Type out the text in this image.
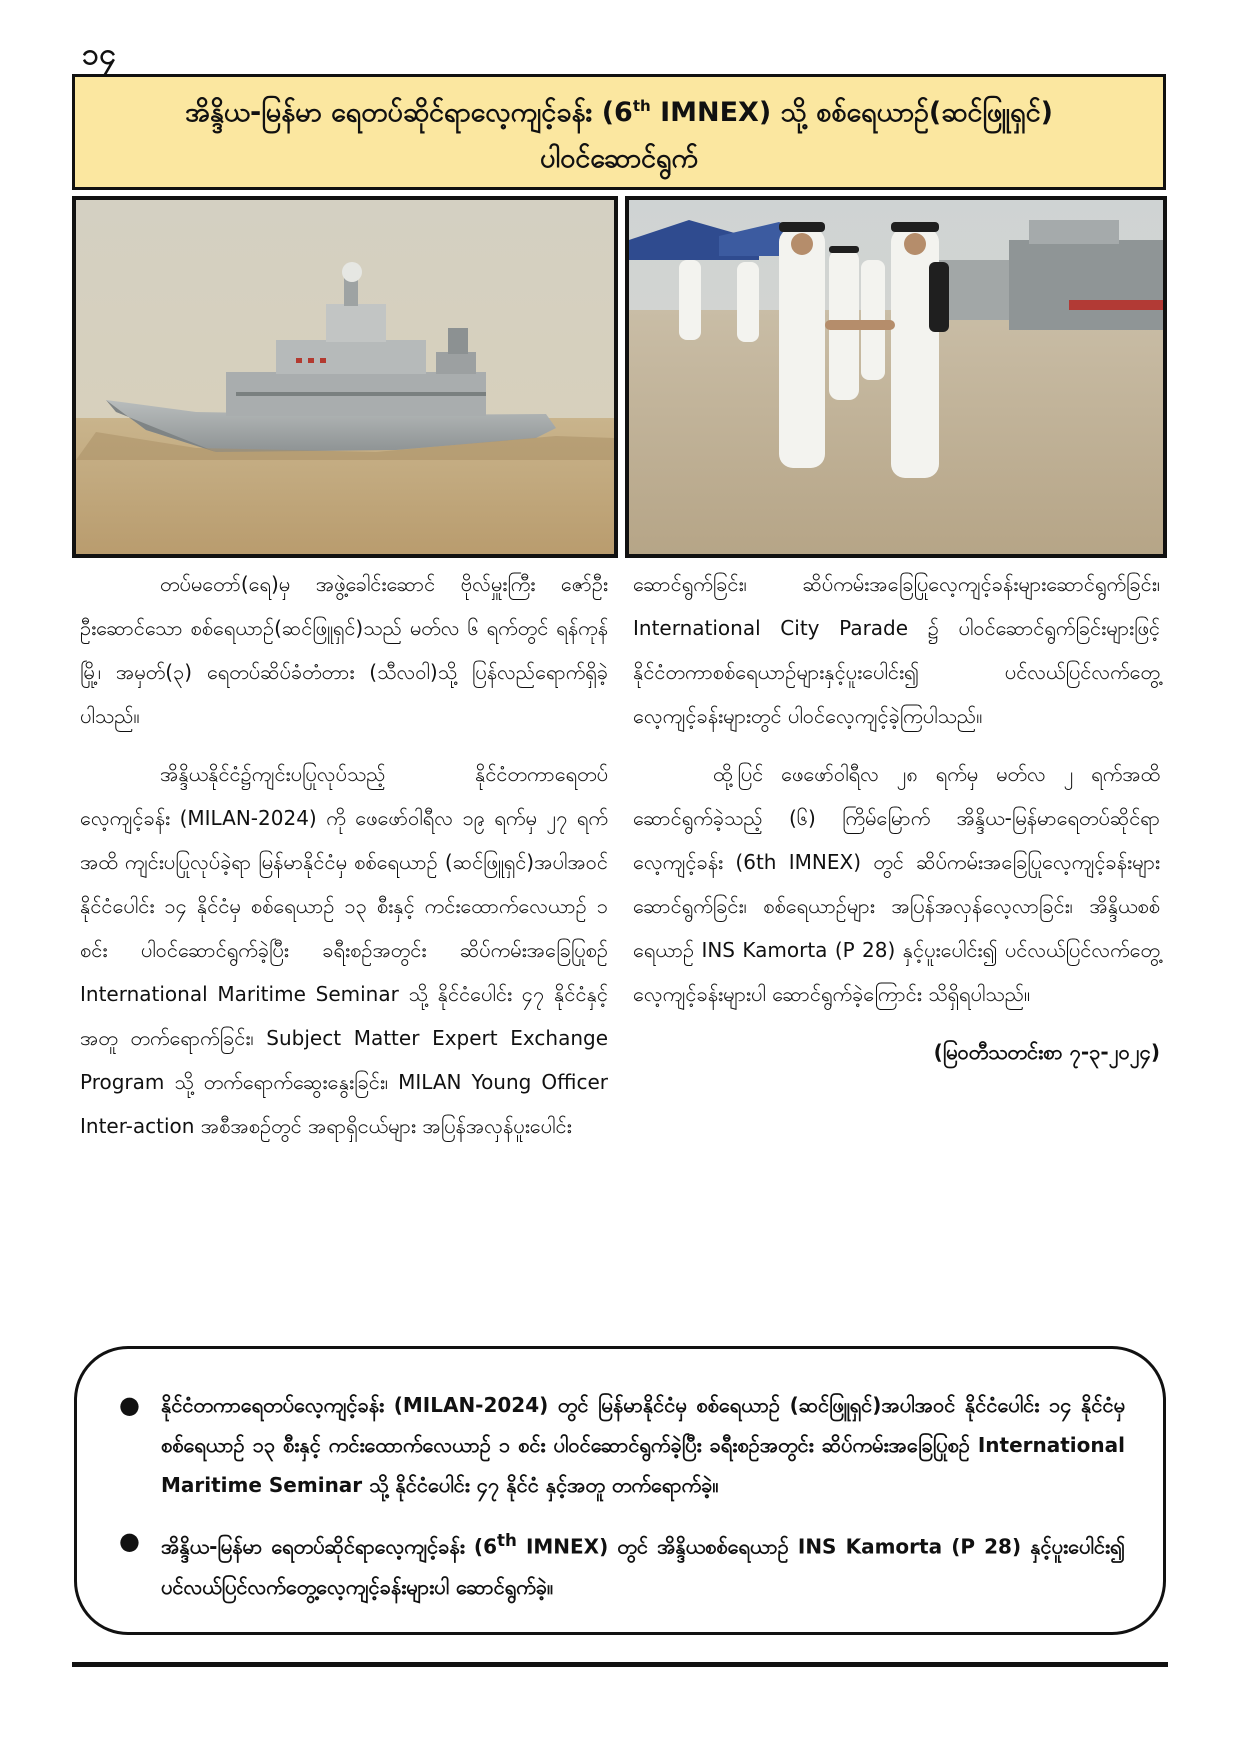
၁၄
အိန္ဒိယ-မြန်မာ ရေတပ်ဆိုင်ရာလေ့ကျင့်ခန်း (6th IMNEX) သို့ စစ်ရေယာဉ်(ဆင်ဖြူရှင်)
ပါဝင်ဆောင်ရွက်

တပ်မတော်(ရေ)မှ အဖွဲ့ခေါင်းဆောင် ဗိုလ်မှူးကြီး ဇော်ဦး ဦးဆောင်သော စစ်ရေယာဉ်(ဆင်ဖြူရှင်)သည် မတ်လ ၆ ရက်တွင် ရန်ကုန်မြို့၊ အမှတ်(၃) ရေတပ်ဆိပ်ခံတံတား (သီလဝါ)သို့ ပြန်လည်ရောက်ရှိခဲ့ပါသည်။

အိန္ဒိယနိုင်ငံ၌ကျင်းပပြုလုပ်သည့် နိုင်ငံတကာရေတပ်လေ့ကျင့်ခန်း (MILAN-2024) ကို ဖေဖော်ဝါရီလ ၁၉ ရက်မှ ၂၇ ရက်အထိ ကျင်းပပြုလုပ်ခဲ့ရာ မြန်မာနိုင်ငံမှ စစ်ရေယာဉ် (ဆင်ဖြူရှင်)အပါအဝင် နိုင်ငံပေါင်း ၁၄ နိုင်ငံမှ စစ်ရေယာဉ် ၁၃ စီးနှင့် ကင်းထောက်လေယာဉ် ၁ စင်း ပါဝင်ဆောင်ရွက်ခဲ့ပြီး ခရီးစဉ်အတွင်း ဆိပ်ကမ်းအခြေပြုစဉ် International Maritime Seminar သို့ နိုင်ငံပေါင်း ၄၇ နိုင်ငံနှင့်အတူ တက်ရောက်ခြင်း၊ Subject Matter Expert Exchange Program သို့ တက်ရောက်ဆွေးနွေးခြင်း၊ MILAN Young Officer Inter-action အစီအစဉ်တွင် အရာရှိငယ်များ အပြန်အလှန်ပူးပေါင်း

ဆောင်ရွက်ခြင်း၊ ဆိပ်ကမ်းအခြေပြုလေ့ကျင့်ခန်းများဆောင်ရွက်ခြင်း၊ International City Parade ၌ ပါဝင်ဆောင်ရွက်ခြင်းများဖြင့် နိုင်ငံတကာစစ်ရေယာဉ်များနှင့်ပူးပေါင်း၍ ပင်လယ်ပြင်လက်တွေ့လေ့ကျင့်ခန်းများတွင် ပါဝင်လေ့ကျင့်ခဲ့ကြပါသည်။

ထို့ပြင် ဖေဖော်ဝါရီလ ၂၈ ရက်မှ မတ်လ ၂ ရက်အထိ ဆောင်ရွက်ခဲ့သည့် (၆) ကြိမ်မြောက် အိန္ဒိယ-မြန်မာရေတပ်ဆိုင်ရာလေ့ကျင့်ခန်း (6th IMNEX) တွင် ဆိပ်ကမ်းအခြေပြုလေ့ကျင့်ခန်းများဆောင်ရွက်ခြင်း၊ စစ်ရေယာဉ်များ အပြန်အလှန်လေ့လာခြင်း၊ အိန္ဒိယစစ်ရေယာဉ် INS Kamorta (P 28) နှင့်ပူးပေါင်း၍ ပင်လယ်ပြင်လက်တွေ့လေ့ကျင့်ခန်းများပါ ဆောင်ရွက်ခဲ့ကြောင်း သိရှိရပါသည်။

(မြဝတီသတင်းစာ ၇-၃-၂၀၂၄)
● နိုင်ငံတကာရေတပ်လေ့ကျင့်ခန်း (MILAN-2024) တွင် မြန်မာနိုင်ငံမှ စစ်ရေယာဉ် (ဆင်ဖြူရှင်)အပါအဝင် နိုင်ငံပေါင်း ၁၄ နိုင်ငံမှ စစ်ရေယာဉ် ၁၃ စီးနှင့် ကင်းထောက်လေယာဉ် ၁ စင်း ပါဝင်ဆောင်ရွက်ခဲ့ပြီး ခရီးစဉ်အတွင်း ဆိပ်ကမ်းအခြေပြုစဉ် International Maritime Seminar သို့ နိုင်ငံပေါင်း ၄၇ နိုင်ငံ နှင့်အတူ တက်ရောက်ခဲ့။
● အိန္ဒိယ-မြန်မာ ရေတပ်ဆိုင်ရာလေ့ကျင့်ခန်း (6th IMNEX) တွင် အိန္ဒိယစစ်ရေယာဉ် INS Kamorta (P 28) နှင့်ပူးပေါင်း၍ ပင်လယ်ပြင်လက်တွေ့လေ့ကျင့်ခန်းများပါ ဆောင်ရွက်ခဲ့။
